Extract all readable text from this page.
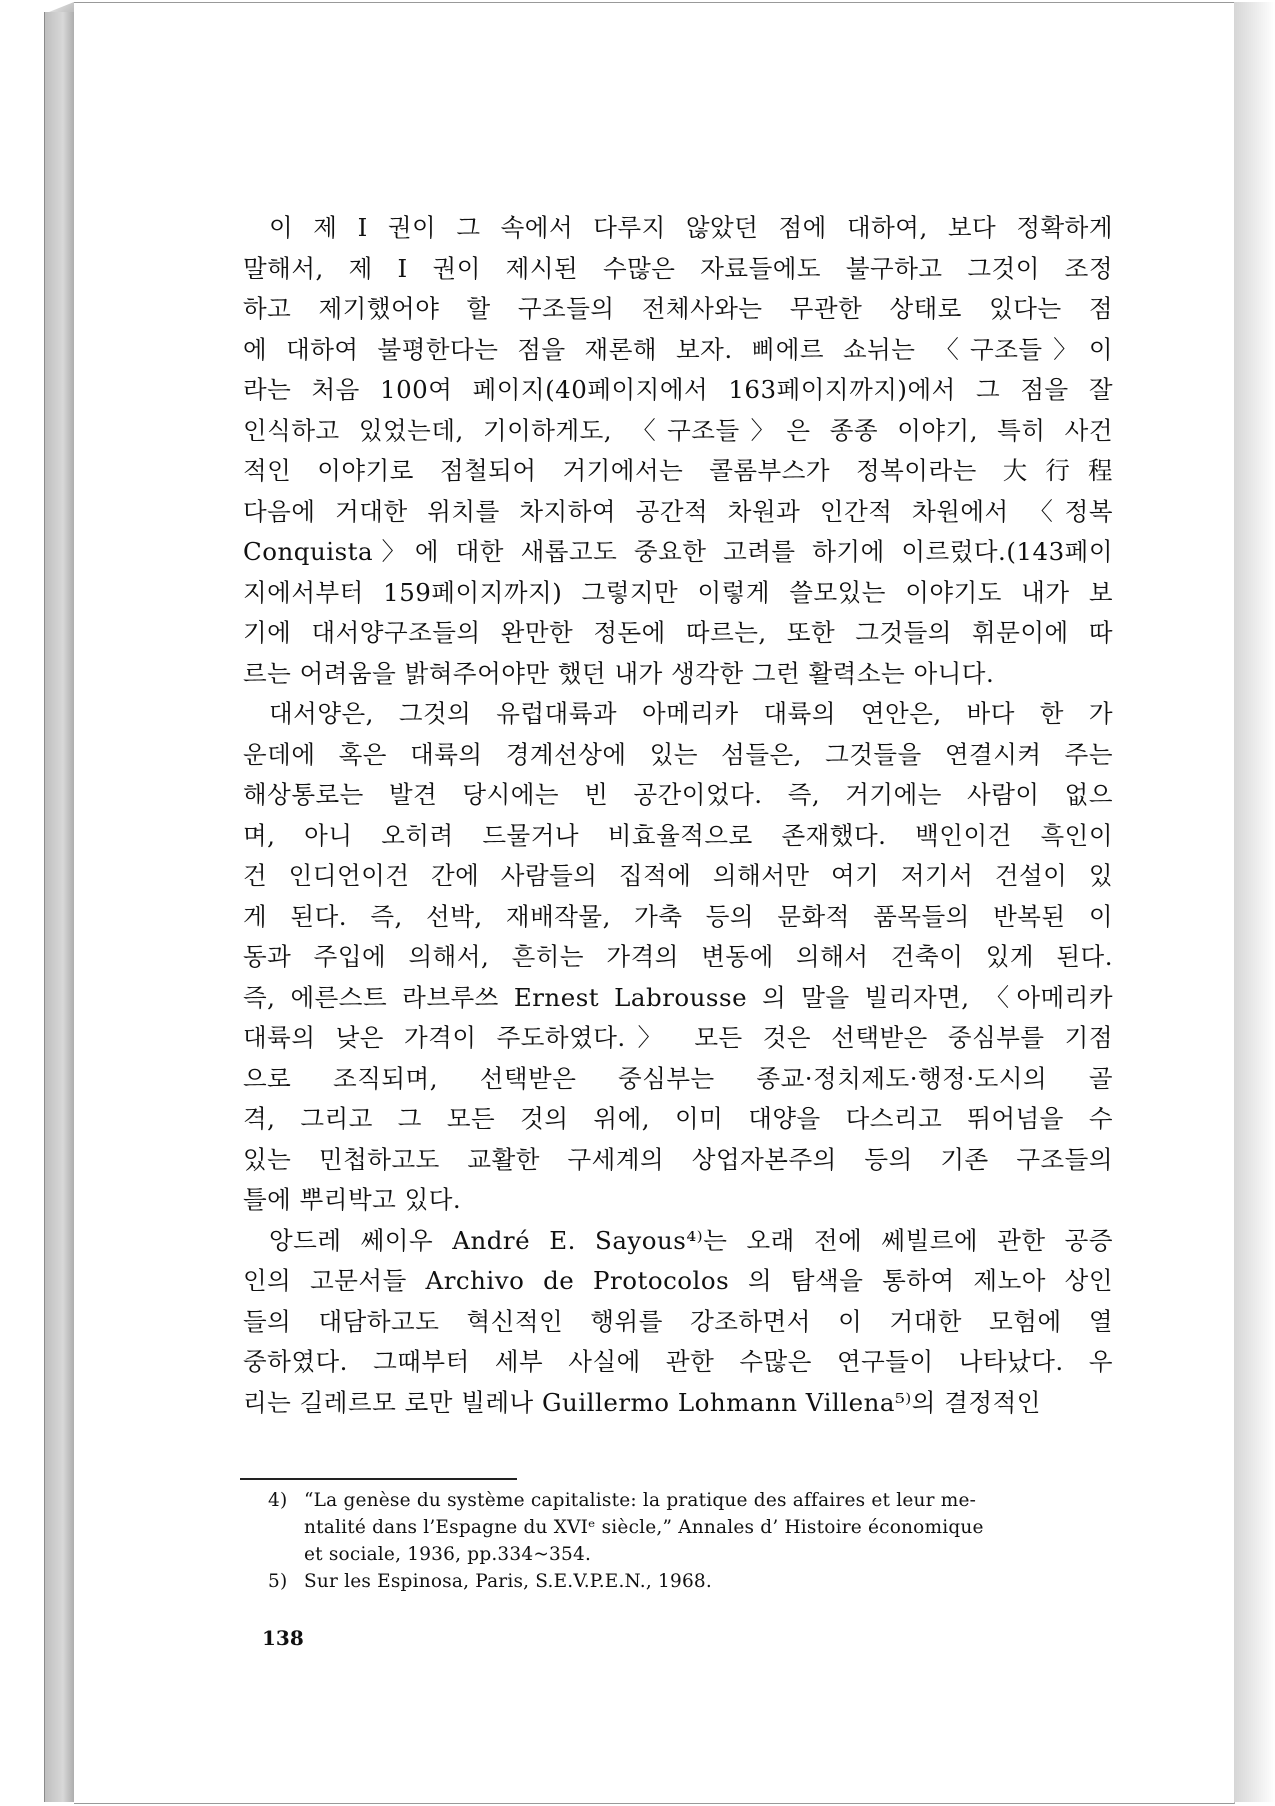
이 제 I 권이 그 속에서 다루지 않았던 점에 대하여, 보다 정확하게
말해서, 제 I 권이 제시된 수많은 자료들에도 불구하고 그것이 조정
하고 제기했어야 할 구조들의 전체사와는 무관한 상태로 있다는 점
에 대하여 불평한다는 점을 재론해 보자. 삐에르 쇼뉘는 〈구조들〉이
라는 처음 100여 페이지(40페이지에서 163페이지까지)에서 그 점을 잘
인식하고 있었는데, 기이하게도, 〈구조들〉은 종종 이야기, 특히 사건
적인 이야기로 점철되어 거기에서는 콜롬부스가 정복이라는 大行程
다음에 거대한 위치를 차지하여 공간적 차원과 인간적 차원에서 〈정복
Conquista〉에 대한 새롭고도 중요한 고려를 하기에 이르렀다.(143페이
지에서부터 159페이지까지) 그렇지만 이렇게 쓸모있는 이야기도 내가 보
기에 대서양구조들의 완만한 정돈에 따르는, 또한 그것들의 휘문이에 따
르는 어려움을 밝혀주어야만 했던 내가 생각한 그런 활력소는 아니다.
대서양은, 그것의 유럽대륙과 아메리카 대륙의 연안은, 바다 한 가
운데에 혹은 대륙의 경계선상에 있는 섬들은, 그것들을 연결시켜 주는
해상통로는 발견 당시에는 빈 공간이었다. 즉, 거기에는 사람이 없으
며, 아니 오히려 드물거나 비효율적으로 존재했다. 백인이건 흑인이
건 인디언이건 간에 사람들의 집적에 의해서만 여기 저기서 건설이 있
게 된다. 즉, 선박, 재배작물, 가축 등의 문화적 품목들의 반복된 이
동과 주입에 의해서, 흔히는 가격의 변동에 의해서 건축이 있게 된다.
즉, 에른스트 라브루쓰 Ernest Labrousse 의 말을 빌리자면, 〈아메리카
대륙의 낮은 가격이 주도하였다.〉 모든 것은 선택받은 중심부를 기점
으로 조직되며, 선택받은 중심부는 종교·정치제도·행정·도시의 골
격, 그리고 그 모든 것의 위에, 이미 대양을 다스리고 뛰어넘을 수
있는 민첩하고도 교활한 구세계의 상업자본주의 등의 기존 구조들의
틀에 뿌리박고 있다.
앙드레 쎄이우 André E. Sayous⁴⁾는 오래 전에 쎄빌르에 관한 공증
인의 고문서들 Archivo de Protocolos 의 탐색을 통하여 제노아 상인
들의 대담하고도 혁신적인 행위를 강조하면서 이 거대한 모험에 열
중하였다. 그때부터 세부 사실에 관한 수많은 연구들이 나타났다. 우
리는 길레르모 로만 빌레나 Guillermo Lohmann Villena⁵⁾의 결정적인
4) “La genèse du système capitaliste: la pratique des affaires et leur me-
ntalité dans l’Espagne du XVIᵉ siècle,” Annales d’ Histoire économique
et sociale, 1936, pp.334~354.
5) Sur les Espinosa, Paris, S.E.V.P.E.N., 1968.
138
